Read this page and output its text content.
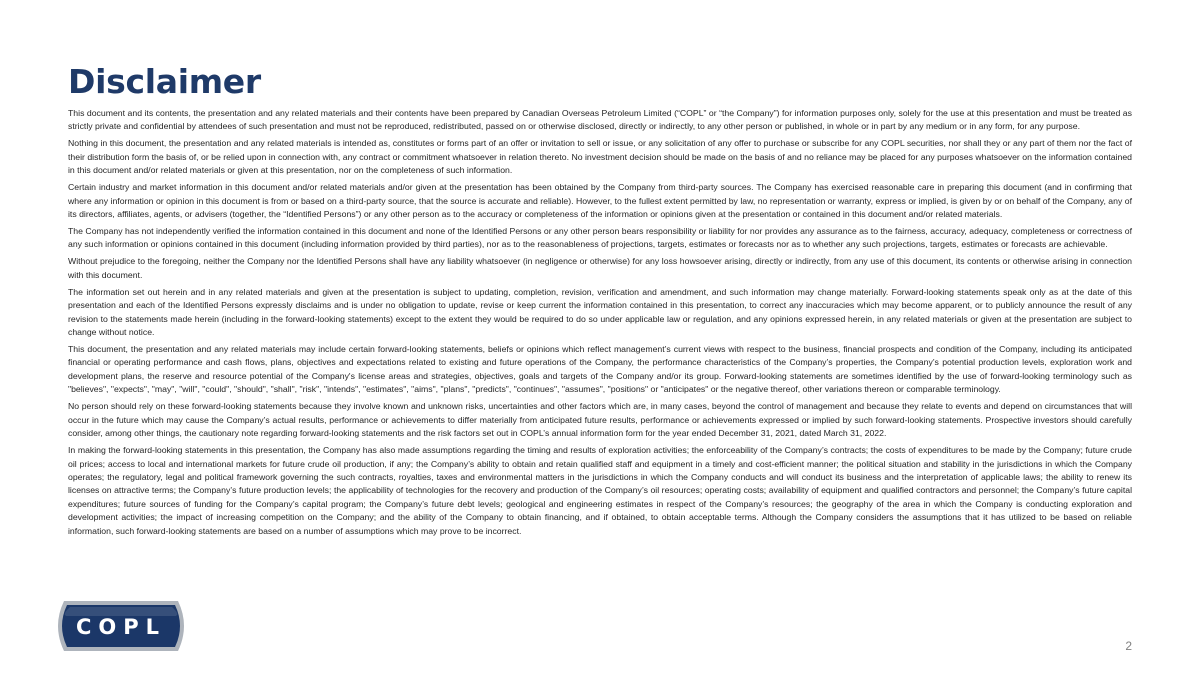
Disclaimer

This document and its contents, the presentation and any related materials and their contents have been prepared by Canadian Overseas Petroleum Limited (“COPL” or “the Company”) for information purposes only, solely for the use at this presentation and must be treated as strictly private and confidential by attendees of such presentation and must not be reproduced, redistributed, passed on or otherwise disclosed, directly or indirectly, to any other person or published, in whole or in part by any medium or in any form, for any purpose.

Nothing in this document, the presentation and any related materials is intended as, constitutes or forms part of an offer or invitation to sell or issue, or any solicitation of any offer to purchase or subscribe for any COPL securities, nor shall they or any part of them nor the fact of their distribution form the basis of, or be relied upon in connection with, any contract or commitment whatsoever in relation thereto. No investment decision should be made on the basis of and no reliance may be placed for any purposes whatsoever on the information contained in this document and/or related materials or given at this presentation, nor on the completeness of such information.

Certain industry and market information in this document and/or related materials and/or given at the presentation has been obtained by the Company from third-party sources. The Company has exercised reasonable care in preparing this document (and in confirming that where any information or opinion in this document is from or based on a third-party source, that the source is accurate and reliable). However, to the fullest extent permitted by law, no representation or warranty, express or implied, is given by or on behalf of the Company, any of its directors, affiliates, agents, or advisers (together, the “Identified Persons”) or any other person as to the accuracy or completeness of the information or opinions given at the presentation or contained in this document and/or related materials.

The Company has not independently verified the information contained in this document and none of the Identified Persons or any other person bears responsibility or liability for nor provides any assurance as to the fairness, accuracy, adequacy, completeness or correctness of any such information or opinions contained in this document (including information provided by third parties), nor as to the reasonableness of projections, targets, estimates or forecasts nor as to whether any such projections, targets, estimates or forecasts are achievable.

Without prejudice to the foregoing, neither the Company nor the Identified Persons shall have any liability whatsoever (in negligence or otherwise) for any loss howsoever arising, directly or indirectly, from any use of this document, its contents or otherwise arising in connection with this document.

The information set out herein and in any related materials and given at the presentation is subject to updating, completion, revision, verification and amendment, and such information may change materially. Forward-looking statements speak only as at the date of this presentation and each of the Identified Persons expressly disclaims and is under no obligation to update, revise or keep current the information contained in this presentation, to correct any inaccuracies which may become apparent, or to publicly announce the result of any revision to the statements made herein (including in the forward-looking statements) except to the extent they would be required to do so under applicable law or regulation, and any opinions expressed herein, in any related materials or given at the presentation are subject to change without notice.

This document, the presentation and any related materials may include certain forward-looking statements, beliefs or opinions which reflect management’s current views with respect to the business, financial prospects and condition of the Company, including its anticipated financial or operating performance and cash flows, plans, objectives and expectations related to existing and future operations of the Company, the performance characteristics of the Company’s properties, the Company’s potential production levels, exploration work and development plans, the reserve and resource potential of the Company's license areas and strategies, objectives, goals and targets of the Company and/or its group. Forward-looking statements are sometimes identified by the use of forward-looking terminology such as "believes", "expects", "may", "will", "could", "should", "shall", "risk", "intends", "estimates", "aims", "plans", "predicts", "continues", "assumes", "positions" or "anticipates" or the negative thereof, other variations thereon or comparable terminology.

No person should rely on these forward-looking statements because they involve known and unknown risks, uncertainties and other factors which are, in many cases, beyond the control of management and because they relate to events and depend on circumstances that will occur in the future which may cause the Company’s actual results, performance or achievements to differ materially from anticipated future results, performance or achievements expressed or implied by such forward-looking statements. Prospective investors should carefully consider, among other things, the cautionary note regarding forward-looking statements and the risk factors set out in COPL’s annual information form for the year ended December 31, 2021, dated March 31, 2022.

In making the forward-looking statements in this presentation, the Company has also made assumptions regarding the timing and results of exploration activities; the enforceability of the Company’s contracts; the costs of expenditures to be made by the Company; future crude oil prices; access to local and international markets for future crude oil production, if any; the Company’s ability to obtain and retain qualified staff and equipment in a timely and cost-efficient manner; the political situation and stability in the jurisdictions in which the Company operates; the regulatory, legal and political framework governing the such contracts, royalties, taxes and environmental matters in the jurisdictions in which the Company conducts and will conduct its business and the interpretation of applicable laws; the ability to renew its licenses on attractive terms; the Company’s future production levels; the applicability of technologies for the recovery and production of the Company’s oil resources; operating costs; availability of equipment and qualified contractors and personnel; the Company’s future capital expenditures; future sources of funding for the Company’s capital program; the Company’s future debt levels; geological and engineering estimates in respect of the Company’s resources; the geography of the area in which the Company is conducting exploration and development activities; the impact of increasing competition on the Company; and the ability of the Company to obtain financing, and if obtained, to obtain acceptable terms. Although the Company considers the assumptions that it has utilized to be based on reliable information, such forward-looking statements are based on a number of assumptions which may prove to be incorrect.

COPL
2
